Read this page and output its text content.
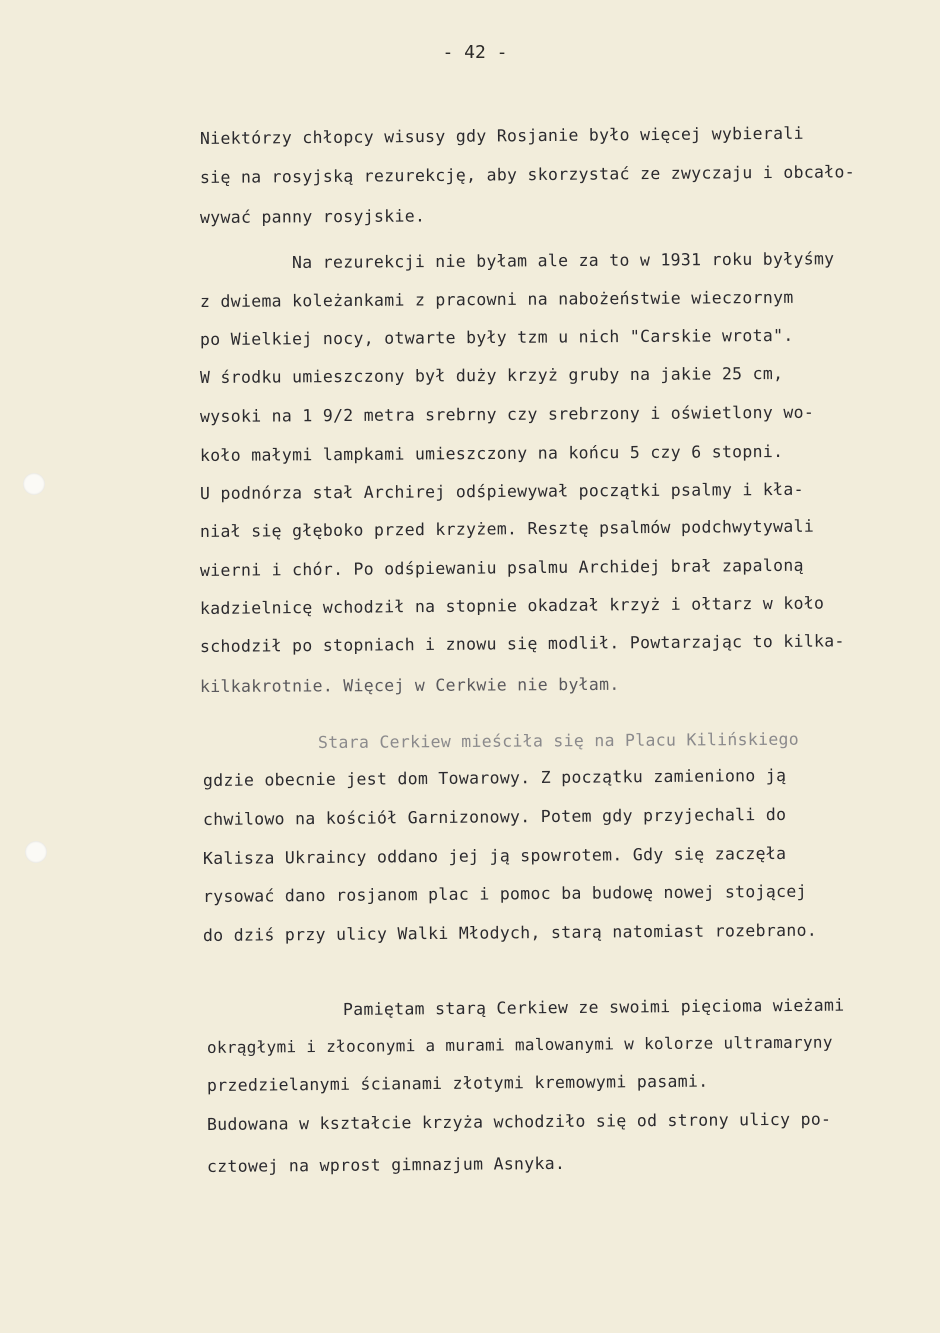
- 42 -
Niektórzy chłopcy wisusy gdy Rosjanie było więcej wybierali
się na rosyjską rezurekcję, aby skorzystać ze zwyczaju i obcało-
wywać panny rosyjskie.
Na rezurekcji nie byłam ale za to w 1931 roku byłyśmy
z dwiema koleżankami z pracowni na nabożeństwie wieczornym
po Wielkiej nocy, otwarte były tzm u nich "Carskie wrota".
W środku umieszczony był duży krzyż gruby na jakie 25 cm,
wysoki na 1 9/2 metra srebrny czy srebrzony i oświetlony wo-
koło małymi lampkami umieszczony na końcu 5 czy 6 stopni.
U podnórza stał Archirej odśpiewywał początki psalmy i kła-
niał się głęboko przed krzyżem. Resztę psalmów podchwytywali
wierni i chór. Po odśpiewaniu psalmu Archidej brał zapaloną
kadzielnicę wchodził na stopnie okadzał krzyż i ołtarz w koło
schodził po stopniach i znowu się modlił. Powtarzając to kilka-
kilkakrotnie. Więcej w Cerkwie nie byłam.
Stara Cerkiew mieściła się na Placu Kilińskiego
gdzie obecnie jest dom Towarowy. Z początku zamieniono ją
chwilowo na kościół Garnizonowy. Potem gdy przyjechali do
Kalisza Ukraincy oddano jej ją spowrotem. Gdy się zaczęła
rysować dano rosjanom plac i pomoc ba budowę nowej stojącej
do dziś przy ulicy Walki Młodych, starą natomiast rozebrano.
Pamiętam starą Cerkiew ze swoimi pięcioma wieżami
okrągłymi i złoconymi a murami malowanymi w kolorze ultramaryny
przedzielanymi ścianami złotymi kremowymi pasami.
Budowana w kształcie krzyża wchodziło się od strony ulicy po-
cztowej na wprost gimnazjum Asnyka.
